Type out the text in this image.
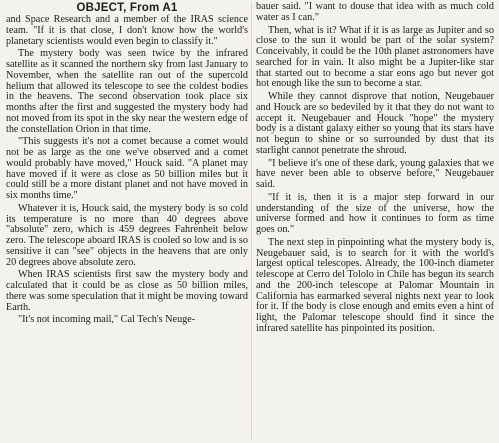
OBJECT, From A1

and Space Research and a member of the IRAS science team. "If it is that close, I don't know how the world's planetary scientists would even begin to classify it."

The mystery body was seen twice by the infrared satellite as it scanned the northern sky from last January to November, when the satellite ran out of the supercold helium that allowed its telescope to see the coldest bodies in the heavens. The second observation took place six months after the first and suggested the mystery body had not moved from its spot in the sky near the western edge of the constellation Orion in that time.

"This suggests it's not a comet because a comet would not be as large as the one we've observed and a comet would probably have moved," Houck said. "A planet may have moved if it were as close as 50 billion miles but it could still be a more distant planet and not have moved in six months time."

Whatever it is, Houck said, the mystery body is so cold its temperature is no more than 40 degrees above "absolute" zero, which is 459 degrees Fahrenheit below zero. The telescope aboard IRAS is cooled so low and is so sensitive it can "see" objects in the heavens that are only 20 degrees above absolute zero.

When IRAS scientists first saw the mystery body and calculated that it could be as close as 50 billion miles, there was some speculation that it might be moving toward Earth.

"It's not incoming mail," Cal Tech's Neuge-

bauer said. "I want to douse that idea with as much cold water as I can."

Then, what is it? What if it is as large as Jupiter and so close to the sun it would be part of the solar system? Conceivably, it could be the 10th planet astronomers have searched for in vain. It also might be a Jupiter-like star that started out to become a star eons ago but never got hot enough like the sun to become a star.

While they cannot disprove that notion, Neugebauer and Houck are so bedeviled by it that they do not want to accept it. Neugebauer and Houck "hope" the mystery body is a distant galaxy either so young that its stars have not begun to shine or so surrounded by dust that its starlight cannot penetrate the shroud.

"I believe it's one of these dark, young galaxies that we have never been able to observe before," Neugebauer said.

"If it is, then it is a major step forward in our understanding of the size of the universe, how the universe formed and how it continues to form as time goes on."

The next step in pinpointing what the mystery body is, Neugebauer said, is to search for it with the world's largest optical telescopes. Already, the 100-inch diameter telescope at Cerro del Tololo in Chile has begun its search and the 200-inch telescope at Palomar Mountain in California has earmarked several nights next year to look for it. If the body is close enough and emits even a hint of light, the Palomar telescope should find it since the infrared satellite has pinpointed its position.
